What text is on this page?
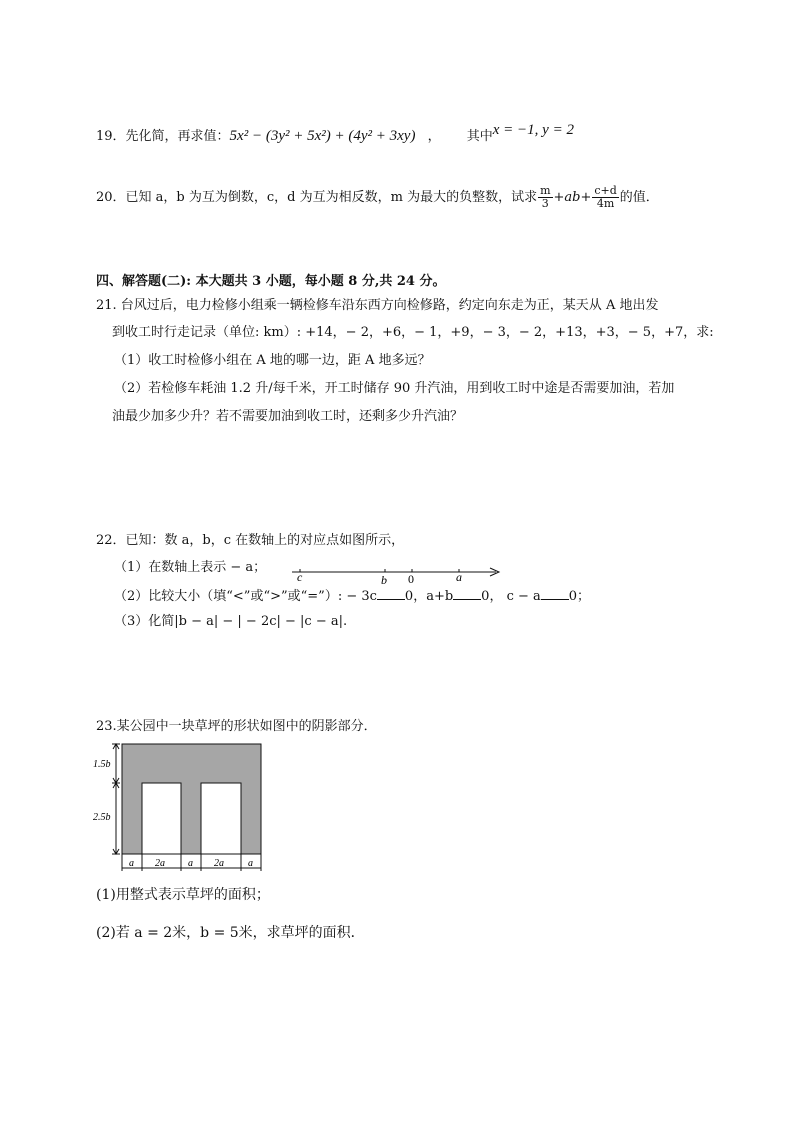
19．先化简，再求值：5x² − (3y² + 5x²) + (4y² + 3xy) ， 其中x = −1, y = 2
20．已知 a，b 为互为倒数，c，d 为互为相反数，m 为最大的负整数，试求 $\frac{m}{3} +ab+ \frac{c+d}{4m}$ 的值．
四、解答题(二): 本大题共 3 小题，每小题 8 分,共 24 分。
21. 台风过后，电力检修小组乘一辆检修车沿东西方向检修路，约定向东走为正，某天从 A 地出发
到收工时行走记录（单位: km）: +14，− 2，+6，− 1，+9，− 3，− 2，+13，+3，− 5，+7，求:
（1）收工时检修小组在 A 地的哪一边，距 A 地多远？
（2）若检修车耗油 1.2 升/每千米，开工时储存 90 升汽油，用到收工时中途是否需要加油，若加
油最少加多少升？若不需要加油到收工时，还剩多少升汽油？
22．已知：数 a，b，c 在数轴上的对应点如图所示，
（1）在数轴上表示 − a；
c	b 0	a
（2）比较大小（填“<”或“>”或“=”）: − 3c 0，a+b 0， c − a 0；
（3）化简|b − a| − | − 2c| − |c − a|.
23.某公园中一块草坪的形状如图中的阴影部分．
1.5b
2.5b
a 2a a 2a a
(1)用整式表示草坪的面积；
(2)若 a = 2米，b = 5米，求草坪的面积．
